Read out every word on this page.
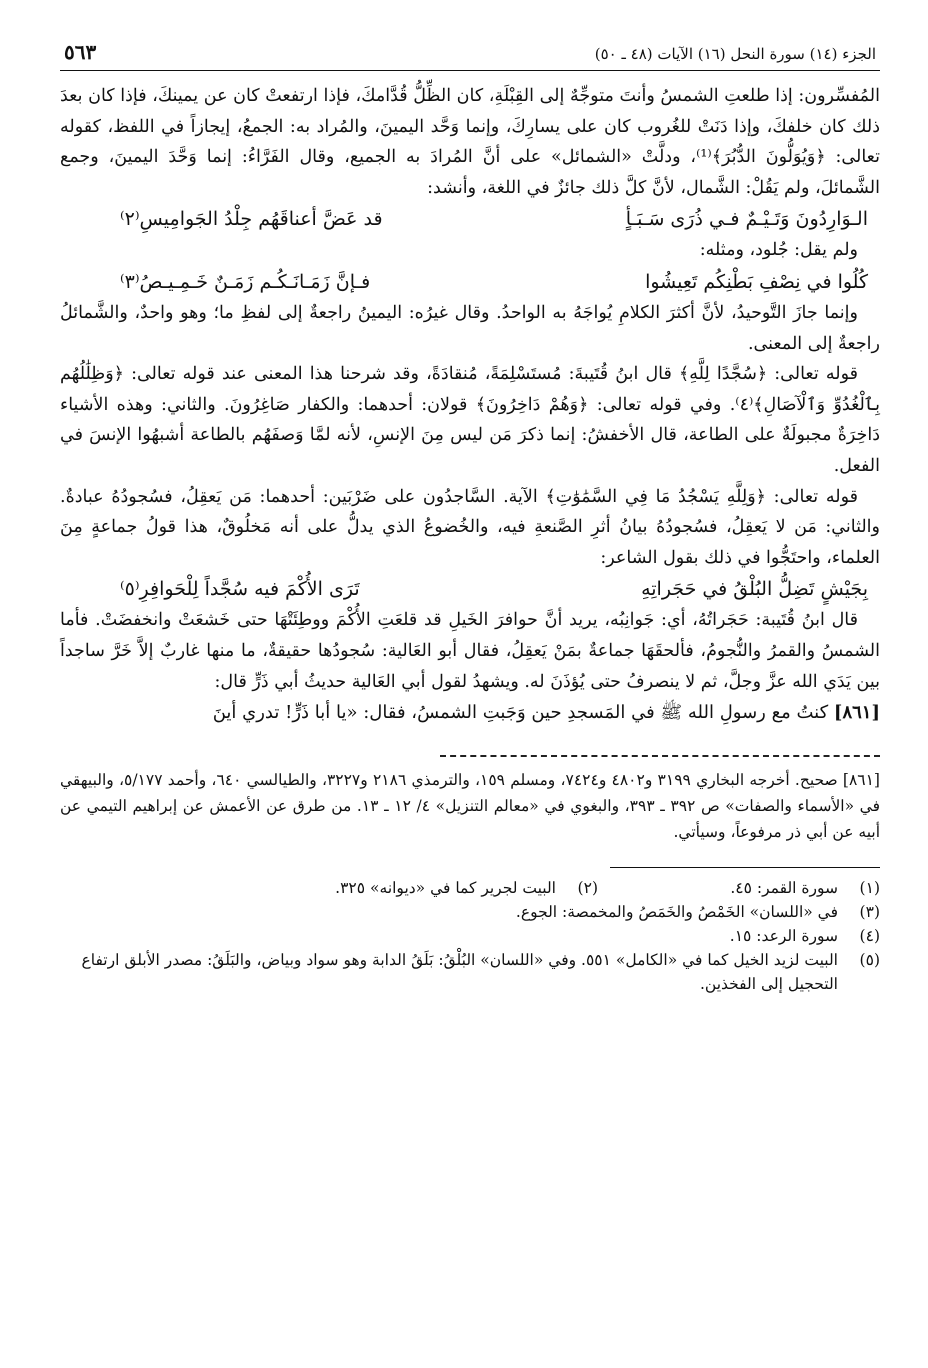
الجزء (١٤) سورة النحل (١٦) الآيات (٤٨ ـ ٥٠)
٥٦٣

المُفسِّرون: إذا طلعتِ الشمسُ وأنتَ متوجِّهٌ إلى القِبْلَةِ، كان الظِّلُّ قُدَّامكَ، فإذا ارتفعتْ كان عن يمينكَ، فإذا كان بعدَ ذلك كان خلفكَ، وإذا دَنَتْ للغُروب كان على يسارِكَ، وإنما وَحَّد اليمينَ، والمُراد به: الجمعُ، إيجازاً في اللفظ، كقوله تعالى: ﴿وَيُوَلُّونَ الدُّبُرَ﴾⁽¹⁾، ودلَّتْ «الشمائل» على أنَّ المُرادَ به الجميع، وقال الفَرَّاءُ: إنما وَحَّدَ اليمينَ، وجمع الشَّمائلَ، ولم يَقُلْ: الشَّمال، لأنَّ كلَّ ذلك جائزٌ في اللغة، وأنشد:

الـوَارِدُونَ وَتَـيْـمٌ فـي ذُرَى سَـبَـأٍ
قد عَضَّ أعناقَهُم جِلْدُ الجَوامِيسِ⁽٢⁾

ولم يقل: جُلود، ومثله:

كُلُوا في نِصْفِ بَطْنِكُم تَعِيشُوا
فـإنَّ زَمَـانَـكُـم زَمَـنٌ خَـمِـيـصُ⁽٣⁾

وإنما جازَ التَّوحيدُ، لأنَّ أكثرَ الكلامِ يُواجَهُ به الواحدُ. وقال غيرُه: اليمينُ راجعةٌ إلى لفظِ ما؛ وهو واحدٌ، والشَّمائلُ راجعةٌ إلى المعنى.

قوله تعالى: ﴿سُجَّدًا لِلَّهِ﴾ قال ابنُ قُتَيبةَ: مُستَسْلِمَةً، مُنقادَةً، وقد شرحنا هذا المعنى عند قوله تعالى: ﴿وَظِلَٰلُهُم بِٱلْغُدُوِّ وَٱلْآصَالِ﴾⁽٤⁾. وفي قوله تعالى: ﴿وَهُمْ دَاخِرُونَ﴾ قولان: أحدهما: والكفار صَاغِرُونَ. والثاني: وهذه الأشياء دَاخِرَةٌ مجبولَةٌ على الطاعة، قال الأخفشُ: إنما ذكرَ مَن ليس مِنَ الإنسِ، لأنه لمَّا وَصفَهُم بالطاعة أشبهُوا الإنسَ في الفعل.

قوله تعالى: ﴿وَلِلَّهِ يَسْجُدُ مَا فِي السَّمَٰوَٰتِ﴾ الآية. السَّاجدُون على ضَرْبَين: أحدهما: مَن يَعقِلُ، فسُجودُهُ عبادةٌ. والثاني: مَن لا يَعقِلُ، فسُجودُهُ بيانُ أثرِ الصَّنعةِ فيه، والخُضوعُ الذي يدلُّ على أنه مَخلُوقٌ، هذا قولُ جماعةٍ مِنَ العلماء، واحتَجُّوا في ذلك بقول الشاعر:

بِجَيْشٍ تَضِلُّ البُلْقُ في حَجَراتِهِ
تَرَى الأُكْمَ فيه سُجَّداً لِلْحَوافِرِ⁽٥⁾

قال ابنُ قُتَيبة: حَجَراتُهُ، أي: جَوانِبُه، يريد أنَّ حوافرَ الخَيلِ قد قلعَتِ الأُكْمَ ووطِئَتْهَا حتى خَشعَتْ وانخفضَتْ. فأما الشمسُ والقمرُ والنُّجومُ، فألحقَهَا جماعةٌ بمَنْ يَعقِلُ، فقال أبو العَالية: سُجودُها حقيقةٌ، ما منها غاربٌ إلاَّ خَرَّ ساجداً بين يَدَي الله عزَّ وجلَّ، ثم لا ينصرفُ حتى يُؤذَنَ له. ويشهدُ لقول أبي العَالية حديثُ أبي ذَرٍّ قال:

[٨٦١] كنتُ مع رسولِ الله ﷺ في المَسجدِ حين وَجَبتِ الشمسُ، فقال: «يا أبا ذَرٍّ! تدري أينَ

[٨٦١] صحيح. أخرجه البخاري ٣١٩٩ و٤٨٠٢ و٧٤٢٤، ومسلم ١٥٩، والترمذي ٢١٨٦ و٣٢٢٧، والطيالسي ٦٤٠، وأحمد ٥/١٧٧، والبيهقي في «الأسماء والصفات» ص ٣٩٢ ـ ٣٩٣، والبغوي في «معالم التنزيل» ٤/ ١٢ ـ ١٣. من طرق عن الأعمش عن إبراهيم التيمي عن أبيه عن أبي ذر مرفوعاً، وسيأتي.

(١)
سورة القمر: ٤٥.
(٢)
البيت لجرير كما في «ديوانه» ٣٢٥.
(٣)
في «اللسان» الخَمْصُ والخَمَصُ والمخمصة: الجوع.
(٤)
سورة الرعد: ١٥.
(٥)
البيت لزيد الخيل كما في «الكامل» ٥٥١. وفي «اللسان» البُلْقُ: بَلَقُ الدابة وهو سواد وبياض، والبَلَقُ: مصدر الأبلق ارتفاع التحجيل إلى الفخذين.
